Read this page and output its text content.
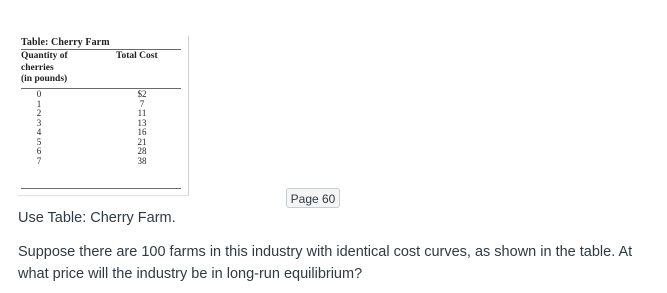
Table: Cherry Farm
Quantity of
cherries
(in pounds)
Total Cost
0	$2
1	7
2	11
3	13
4	16
5	21
6	28
7	38
Page 60
Use Table: Cherry Farm.
Suppose there are 100 farms in this industry with identical cost curves, as shown in the table. At what price will the industry be in long-run equilibrium?
